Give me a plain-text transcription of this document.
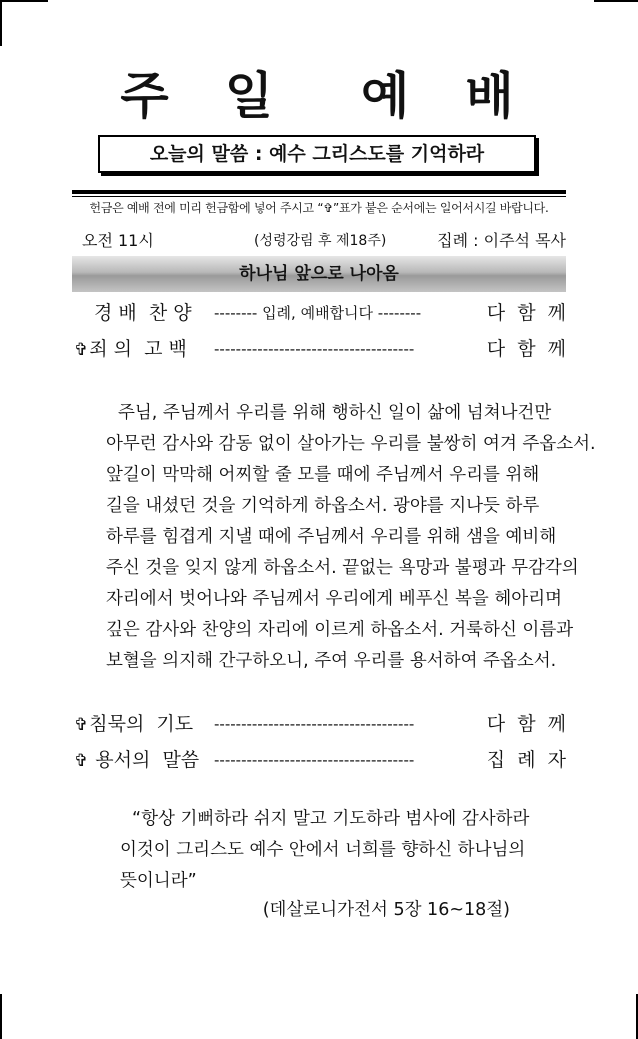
주 일 예 배
오늘의 말씀 : 예수 그리스도를 기억하라
헌금은 예배 전에 미리 헌금함에 넣어 주시고 “✞”표가 붙은 순서에는 일어서시길 바랍니다.
오전 11시	(성령강림 후 제18주)	집례 : 이주석 목사
하나님 앞으로 나아옴
경 배  찬 양 -------- 입례, 예배합니다 --------	다  함  께
✞죄 의  고 백 -------------------------------------	다  함  께
주님, 주님께서 우리를 위해 행하신 일이 삶에 넘쳐나건만
아무런 감사와 감동 없이 살아가는 우리를 불쌍히 여겨 주옵소서.
앞길이 막막해 어찌할 줄 모를 때에 주님께서 우리를 위해
길을 내셨던 것을 기억하게 하옵소서. 광야를 지나듯 하루
하루를 힘겹게 지낼 때에 주님께서 우리를 위해 샘을 예비해
주신 것을 잊지 않게 하옵소서. 끝없는 욕망과 불평과 무감각의
자리에서 벗어나와 주님께서 우리에게 베푸신 복을 헤아리며
깊은 감사와 찬양의 자리에 이르게 하옵소서. 거룩하신 이름과
보혈을 의지해 간구하오니, 주여 우리를 용서하여 주옵소서.
✞침묵의  기도 -------------------------------------	다  함  께
✞ 용서의  말씀 -------------------------------------	집  례  자
“항상 기뻐하라 쉬지 말고 기도하라 범사에 감사하라
이것이 그리스도 예수 안에서 너희를 향하신 하나님의
뜻이니라”
(데살로니가전서 5장 16~18절)
